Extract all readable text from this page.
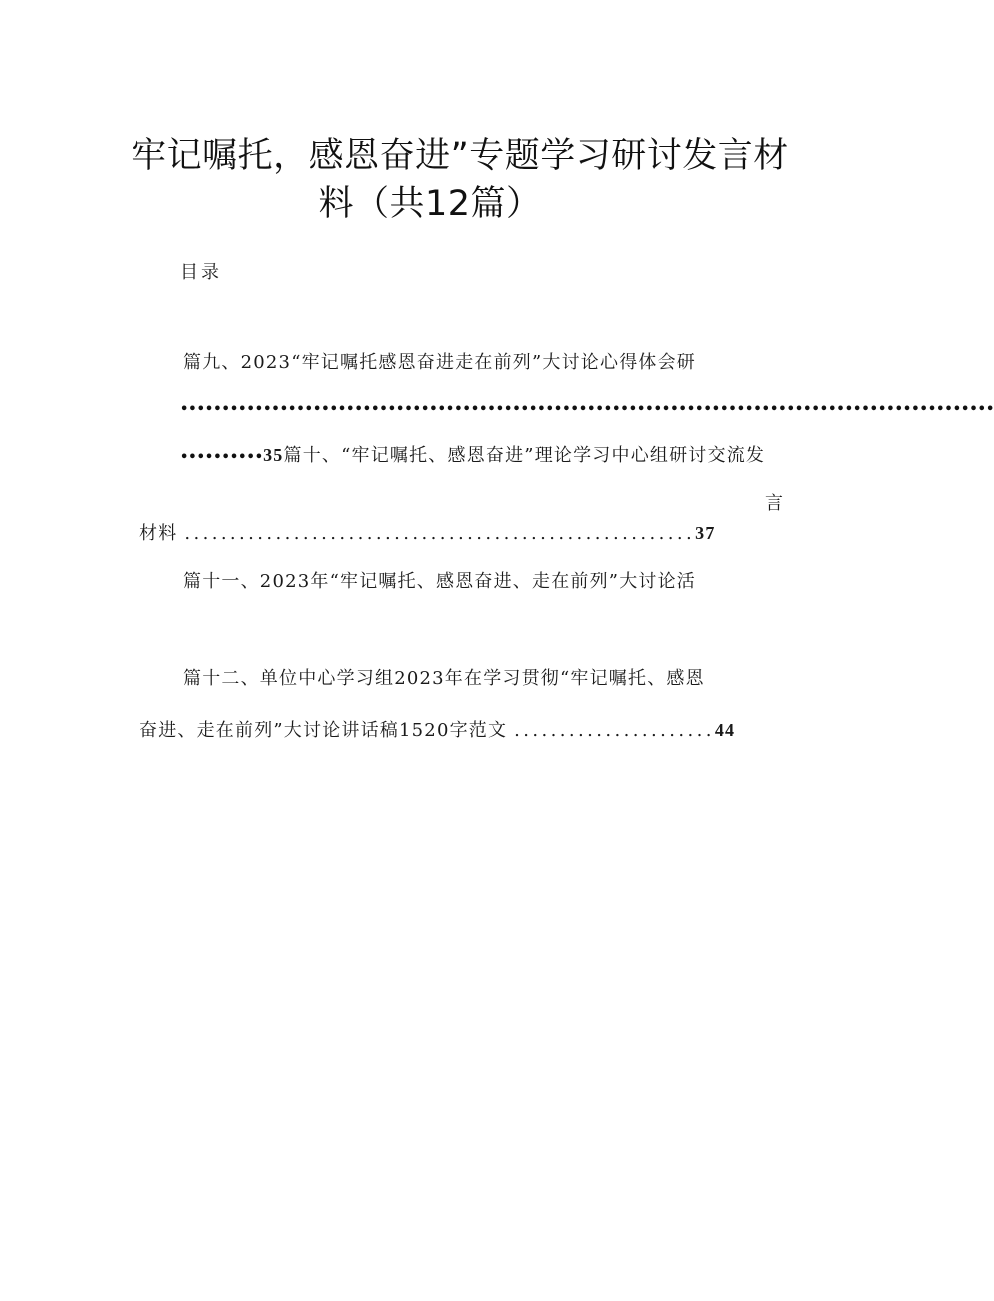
牢记嘱托，感恩奋进”专题学习研讨发言材
料（共12篇）
目录
篇九、2023“牢记嘱托感恩奋进走在前列”大讨论心得体会研
••••••••••••••••••••••••••••••••••••••••••••••••••••••••••••••••••••••••••••••••••••••••••••••••••
••••••••••35篇十、“牢记嘱托、感恩奋进”理论学习中心组研讨交流发
言
材料 ........................................................37
篇十一、2023年“牢记嘱托、感恩奋进、走在前列”大讨论活
篇十二、单位中心学习组2023年在学习贯彻“牢记嘱托、感恩
奋进、走在前列”大讨论讲话稿1520字范文 ......................44
